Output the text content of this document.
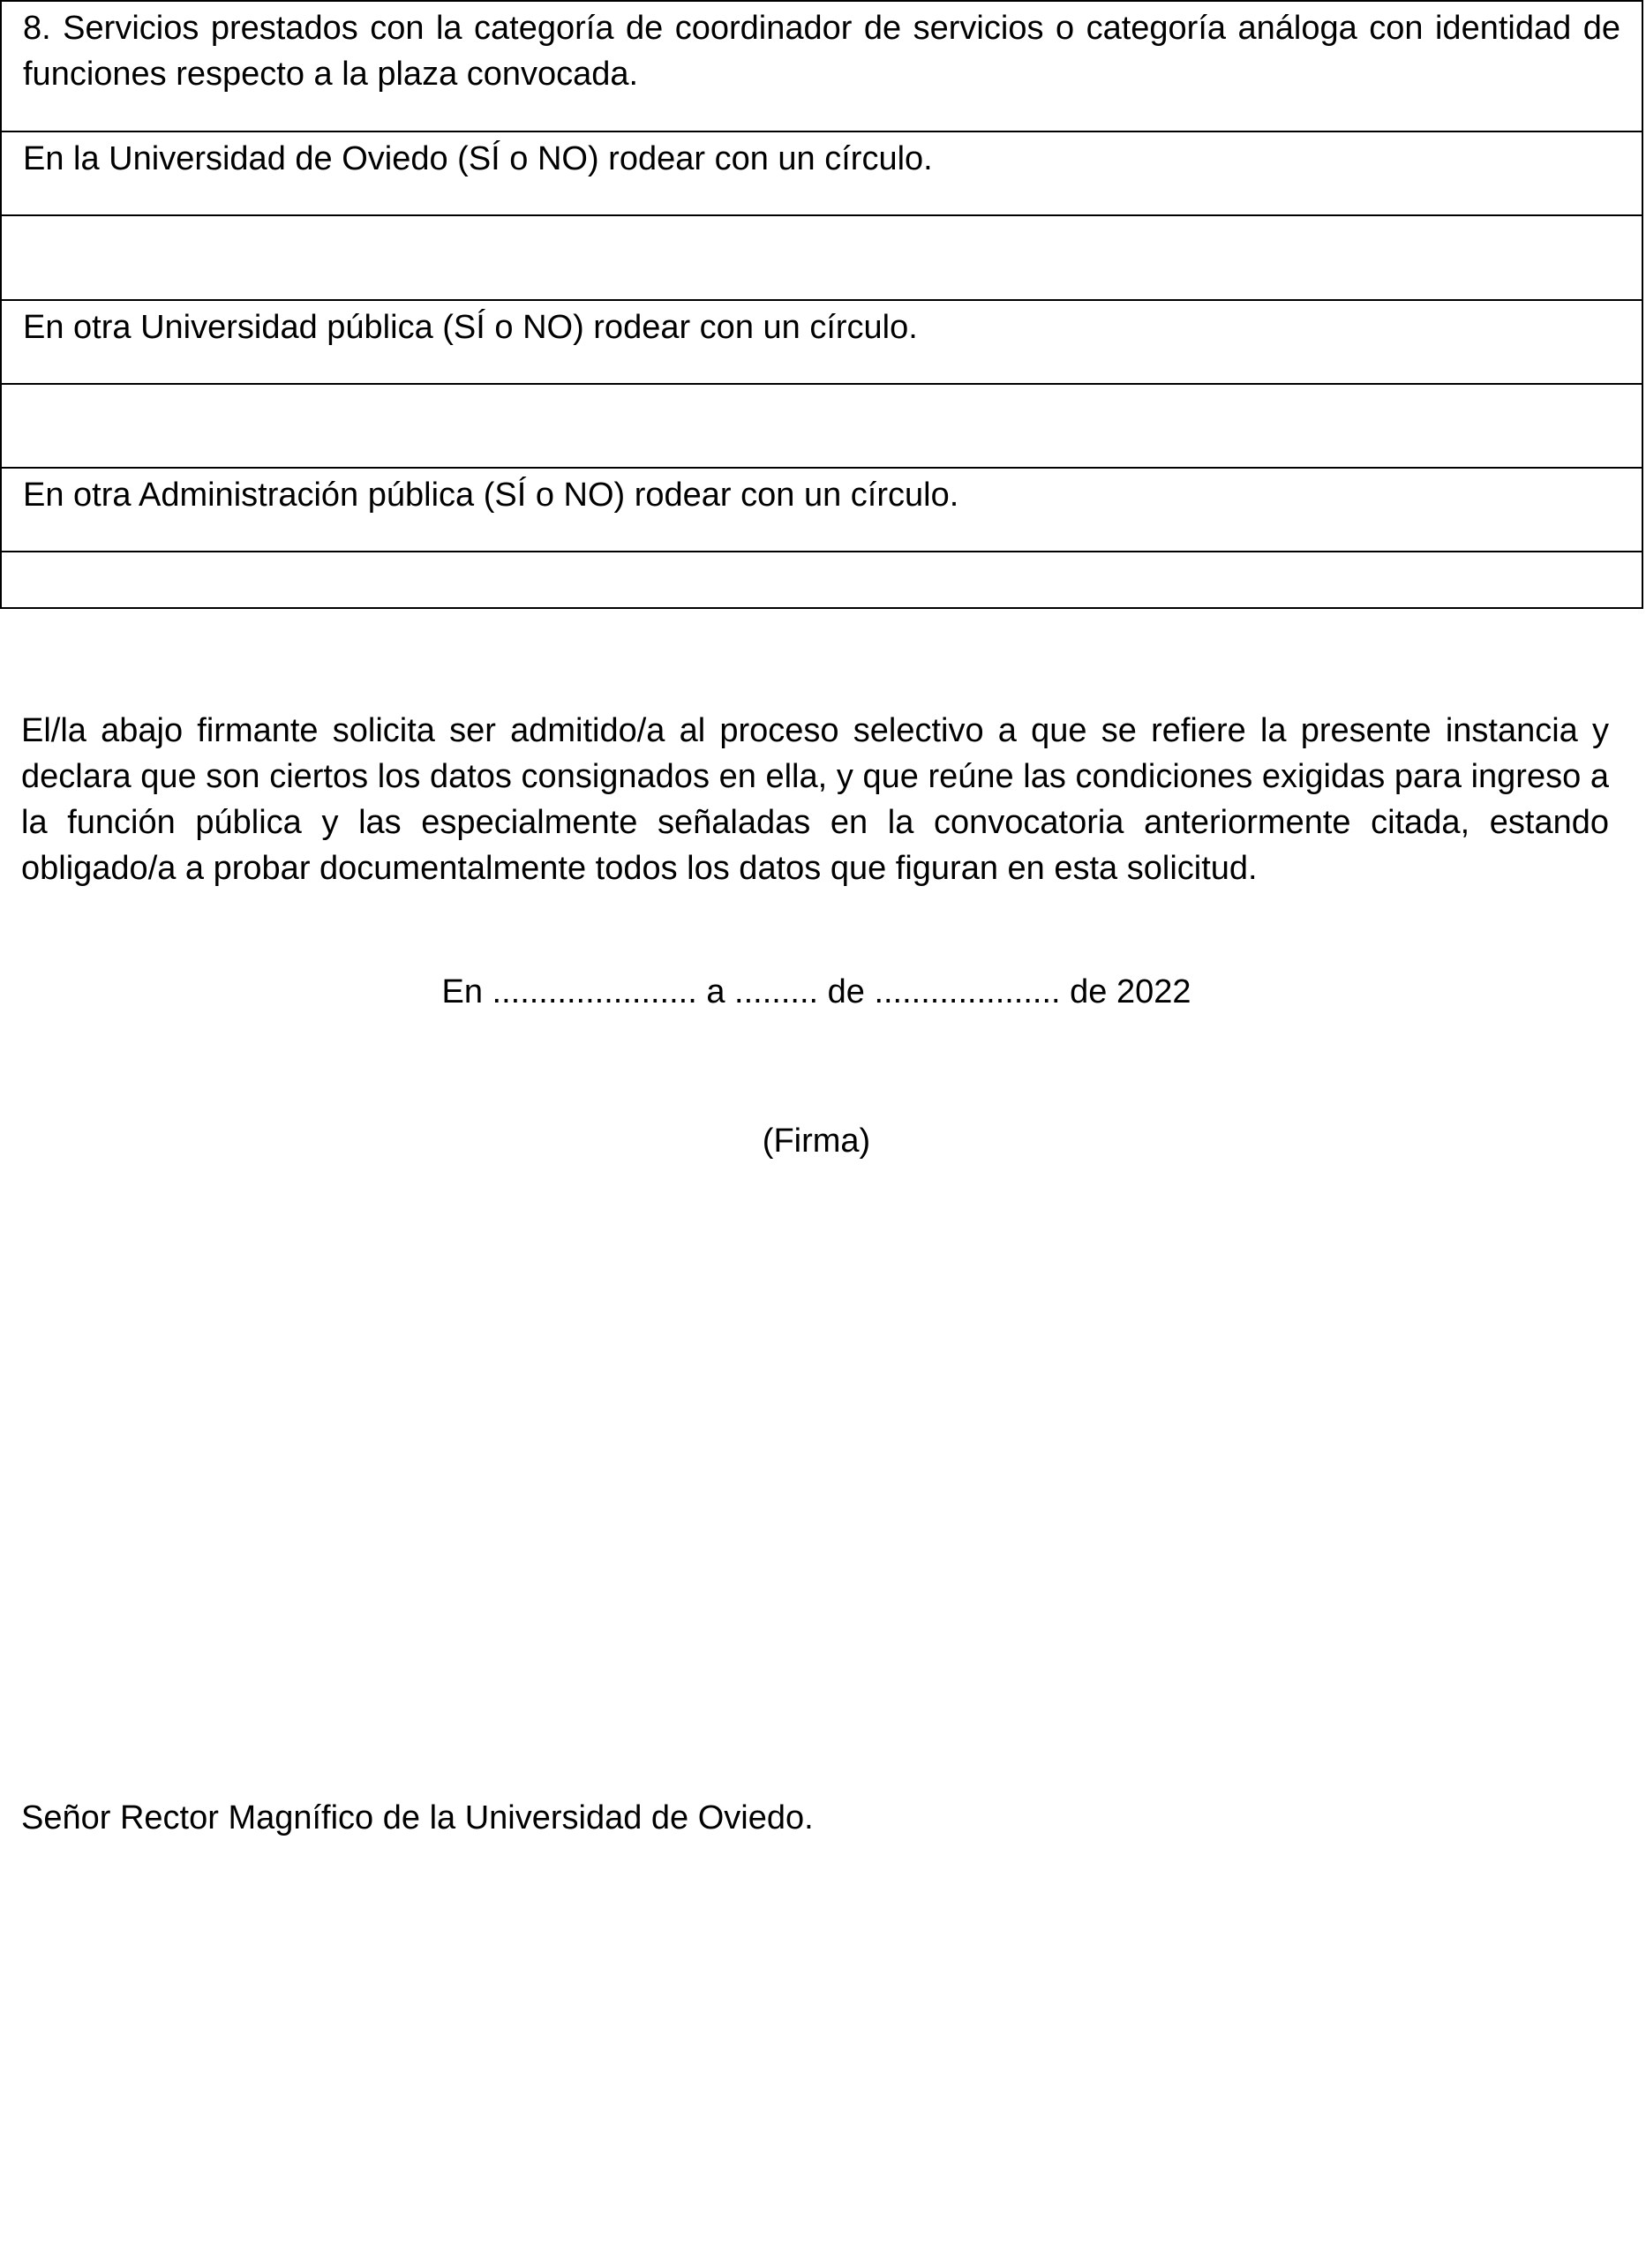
8. Servicios prestados con la categoría de coordinador de servicios o categoría análoga con identidad de funciones respecto a la plaza convocada.
En la Universidad de Oviedo (SÍ o NO) rodear con un círculo.
En otra Universidad pública (SÍ o NO) rodear con un círculo.
En otra Administración pública (SÍ o NO) rodear con un círculo.
El/la abajo firmante solicita ser admitido/a al proceso selectivo a que se refiere la presente instancia y declara que son ciertos los datos consignados en ella, y que reúne las condiciones exigidas para ingreso a la función pública y las especialmente señaladas en la convocatoria anteriormente citada, estando obligado/a a probar documentalmente todos los datos que figuran en esta solicitud.
En ...................... a ......... de .................... de 2022
(Firma)
Señor Rector Magnífico de la Universidad de Oviedo.
